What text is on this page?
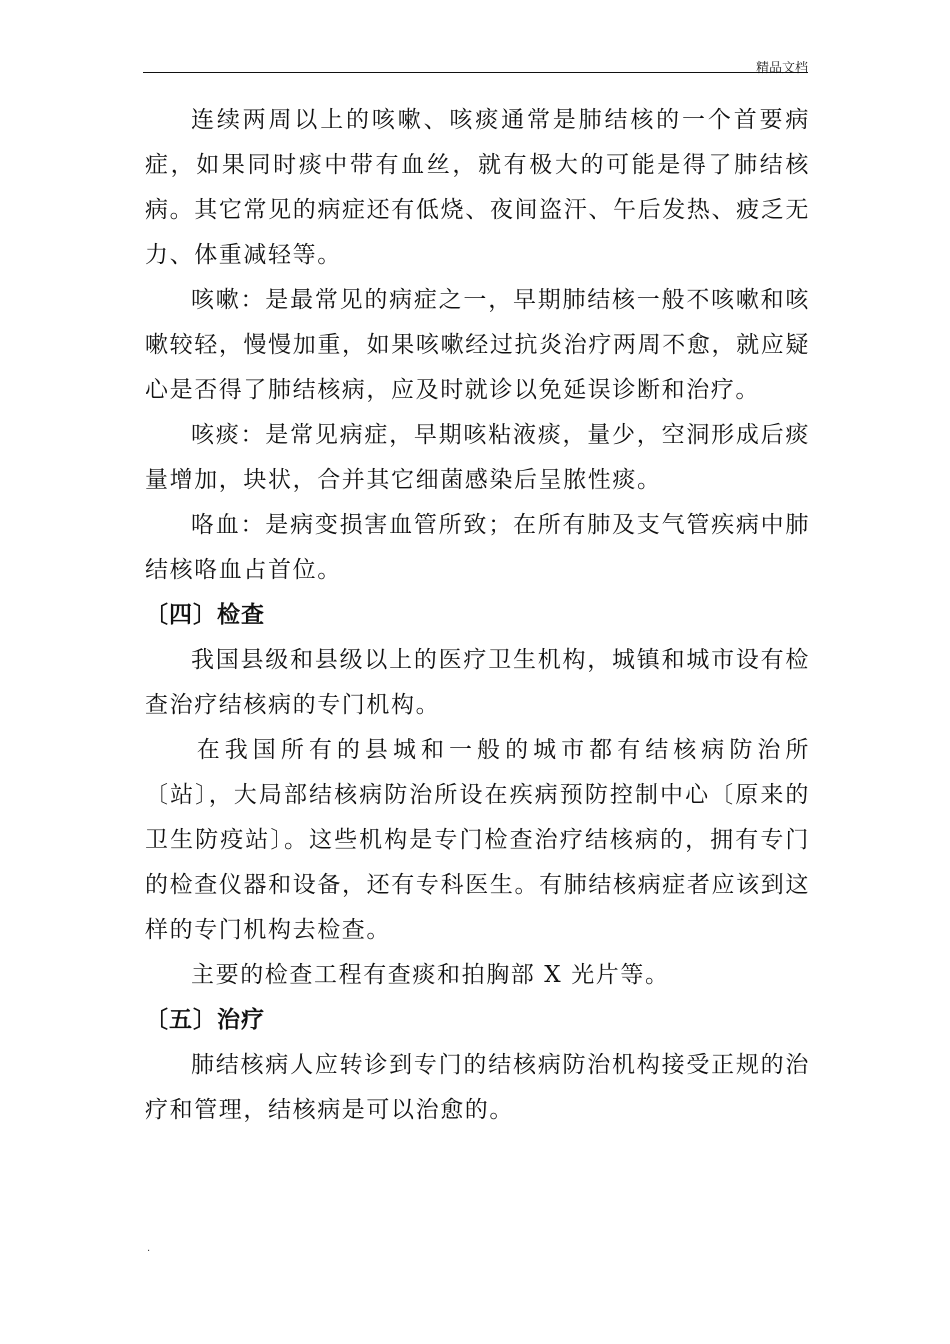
精品文档

连续两周以上的咳嗽、咳痰通常是肺结核的一个首要病症，如果同时痰中带有血丝，就有极大的可能是得了肺结核病。其它常见的病症还有低烧、夜间盗汗、午后发热、疲乏无力、体重减轻等。

咳嗽：是最常见的病症之一，早期肺结核一般不咳嗽和咳嗽较轻，慢慢加重，如果咳嗽经过抗炎治疗两周不愈，就应疑心是否得了肺结核病，应及时就诊以免延误诊断和治疗。

咳痰：是常见病症，早期咳粘液痰，量少，空洞形成后痰量增加，块状，合并其它细菌感染后呈脓性痰。

咯血：是病变损害血管所致；在所有肺及支气管疾病中肺结核咯血占首位。

〔四〕检查

我国县级和县级以上的医疗卫生机构，城镇和城市设有检查治疗结核病的专门机构。

在我国所有的县城和一般的城市都有结核病防治所〔站〕，大局部结核病防治所设在疾病预防控制中心〔原来的卫生防疫站〕。这些机构是专门检查治疗结核病的，拥有专门的检查仪器和设备，还有专科医生。有肺结核病症者应该到这样的专门机构去检查。

主要的检查工程有查痰和拍胸部 X 光片等。

〔五〕治疗

肺结核病人应转诊到专门的结核病防治机构接受正规的治疗和管理，结核病是可以治愈的。

.
